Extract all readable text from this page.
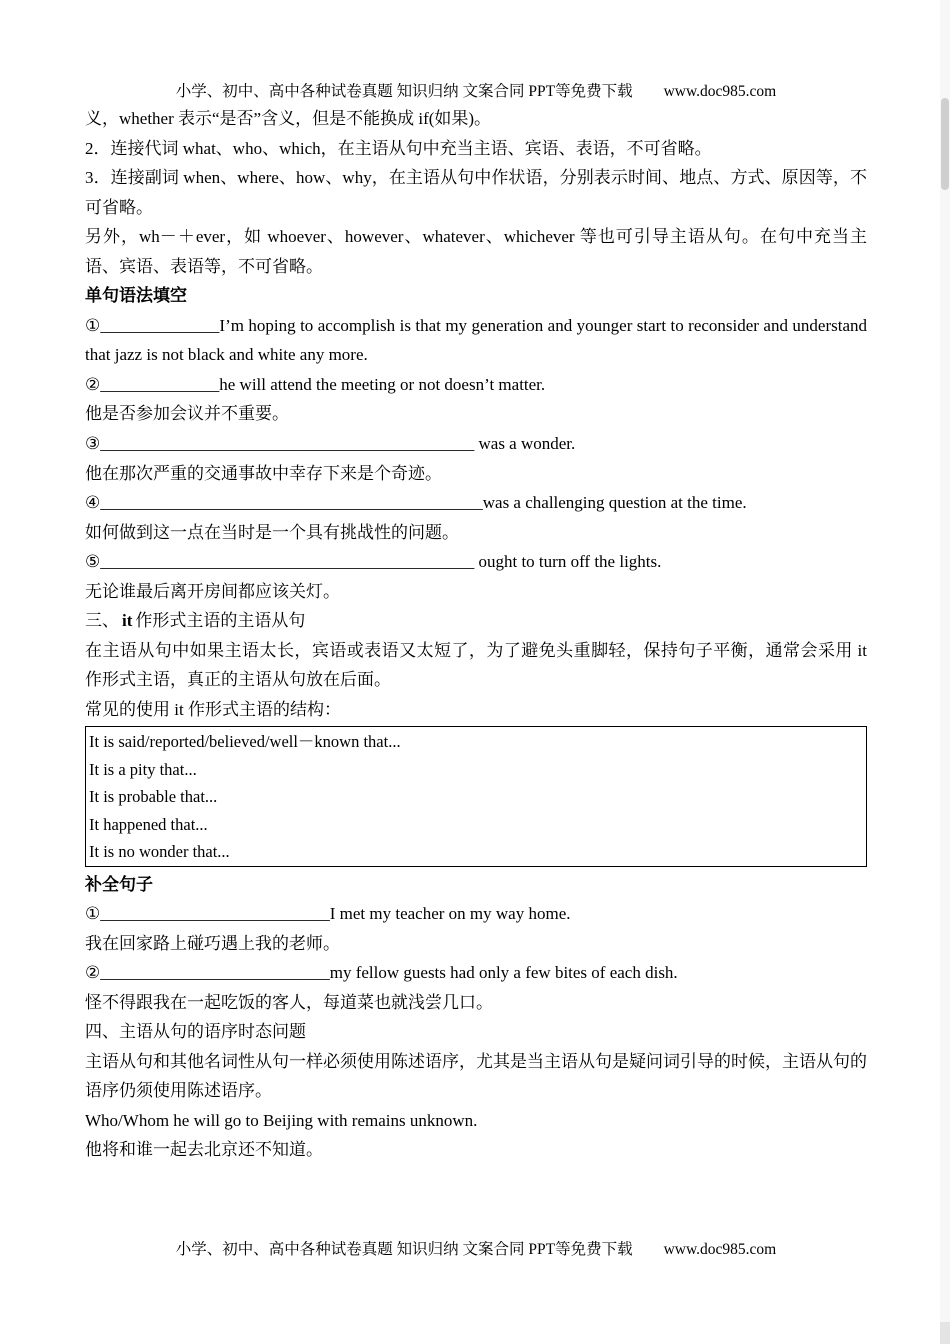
小学、初中、高中各种试卷真题 知识归纳 文案合同 PPT等免费下载　　www.doc985.com

义，whether 表示“是否”含义，但是不能换成 if(如果)。

2．连接代词 what、who、which，在主语从句中充当主语、宾语、表语，不可省略。

3．连接副词 when、where、how、why，在主语从句中作状语，分别表示时间、地点、方式、原因等，不可省略。

另外，wh－＋ever，如 whoever、however、whatever、whichever 等也可引导主语从句。在句中充当主语、宾语、表语等，不可省略。

单句语法填空

①______________I’m hoping to accomplish is that my generation and younger start to reconsider and understand that jazz is not black and white any more.

②______________he will attend the meeting or not doesn’t matter.

他是否参加会议并不重要。

③____________________________________________ was a wonder.

他在那次严重的交通事故中幸存下来是个奇迹。

④_____________________________________________was a challenging question at the time.

如何做到这一点在当时是一个具有挑战性的问题。

⑤____________________________________________ ought to turn off the lights.

无论谁最后离开房间都应该关灯。

三、 it 作形式主语的主语从句

在主语从句中如果主语太长，宾语或表语又太短了，为了避免头重脚轻，保持句子平衡，通常会采用 it 作形式主语，真正的主语从句放在后面。

常见的使用 it 作形式主语的结构：

It is said/reported/believed/well－known that...

It is a pity that...

It is probable that...

It happened that...

It is no wonder that...

补全句子

①___________________________I met my teacher on my way home.

我在回家路上碰巧遇上我的老师。

②___________________________my fellow guests had only a few bites of each dish.

怪不得跟我在一起吃饭的客人，每道菜也就浅尝几口。

四、主语从句的语序时态问题

主语从句和其他名词性从句一样必须使用陈述语序，尤其是当主语从句是疑问词引导的时候，主语从句的语序仍须使用陈述语序。

Who/Whom he will go to Beijing with remains unknown.

他将和谁一起去北京还不知道。

小学、初中、高中各种试卷真题 知识归纳 文案合同 PPT等免费下载　　www.doc985.com
